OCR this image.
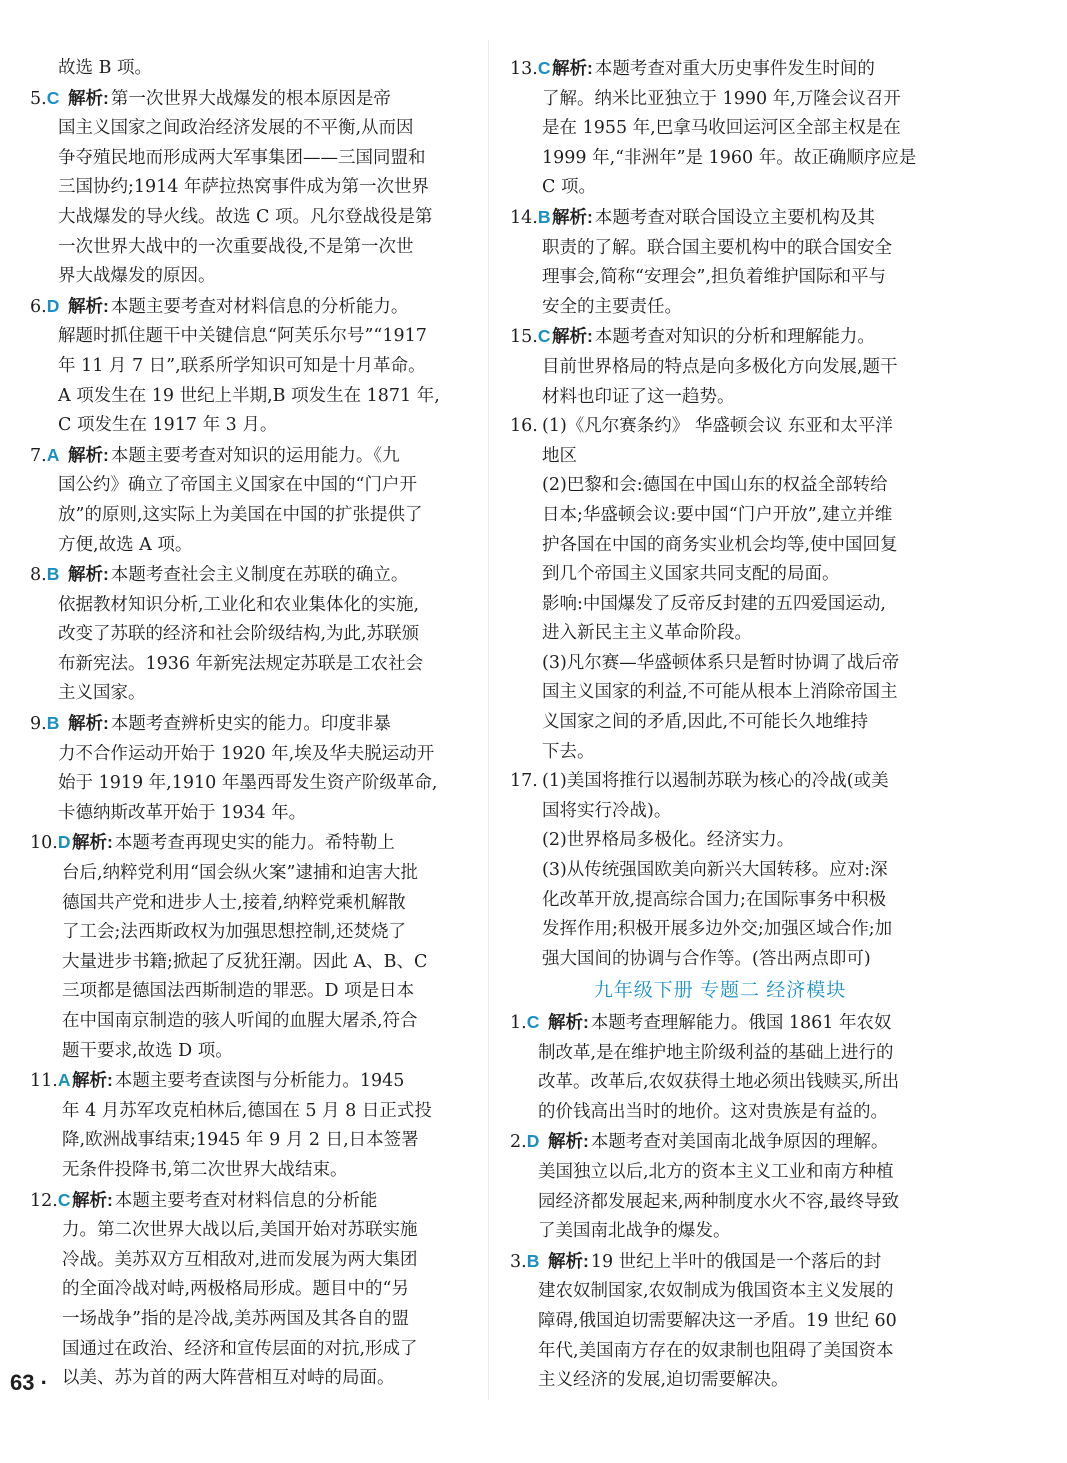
故选 B 项。
5.C 解析: 第一次世界大战爆发的根本原因是帝
国主义国家之间政治经济发展的不平衡,从而因
争夺殖民地而形成两大军事集团——三国同盟和
三国协约;1914 年萨拉热窝事件成为第一次世界
大战爆发的导火线。故选 C 项。凡尔登战役是第
一次世界大战中的一次重要战役,不是第一次世
界大战爆发的原因。
6.D 解析: 本题主要考查对材料信息的分析能力。
解题时抓住题干中关键信息“阿芙乐尔号”“1917
年 11 月 7 日”,联系所学知识可知是十月革命。
A 项发生在 19 世纪上半期,B 项发生在 1871 年,
C 项发生在 1917 年 3 月。
7.A 解析: 本题主要考查对知识的运用能力。《九
国公约》确立了帝国主义国家在中国的“门户开
放”的原则,这实际上为美国在中国的扩张提供了
方便,故选 A 项。
8.B 解析: 本题考查社会主义制度在苏联的确立。
依据教材知识分析,工业化和农业集体化的实施,
改变了苏联的经济和社会阶级结构,为此,苏联颁
布新宪法。1936 年新宪法规定苏联是工农社会
主义国家。
9.B 解析: 本题考查辨析史实的能力。印度非暴
力不合作运动开始于 1920 年,埃及华夫脱运动开
始于 1919 年,1910 年墨西哥发生资产阶级革命,
卡德纳斯改革开始于 1934 年。
10.D 解析: 本题考查再现史实的能力。希特勒上
台后,纳粹党利用“国会纵火案”逮捕和迫害大批
德国共产党和进步人士,接着,纳粹党乘机解散
了工会;法西斯政权为加强思想控制,还焚烧了
大量进步书籍;掀起了反犹狂潮。因此 A、B、C
三项都是德国法西斯制造的罪恶。D 项是日本
在中国南京制造的骇人听闻的血腥大屠杀,符合
题干要求,故选 D 项。
11.A 解析: 本题主要考查读图与分析能力。1945
年 4 月苏军攻克柏林后,德国在 5 月 8 日正式投
降,欧洲战事结束;1945 年 9 月 2 日,日本签署
无条件投降书,第二次世界大战结束。
12.C 解析: 本题主要考查对材料信息的分析能
力。第二次世界大战以后,美国开始对苏联实施
冷战。美苏双方互相敌对,进而发展为两大集团
的全面冷战对峙,两极格局形成。题目中的“另
一场战争”指的是冷战,美苏两国及其各自的盟
国通过在政治、经济和宣传层面的对抗,形成了
以美、苏为首的两大阵营相互对峙的局面。
13.C 解析: 本题考查对重大历史事件发生时间的
了解。纳米比亚独立于 1990 年,万隆会议召开
是在 1955 年,巴拿马收回运河区全部主权是在
1999 年,“非洲年”是 1960 年。故正确顺序应是
C 项。
14.B 解析: 本题考查对联合国设立主要机构及其
职责的了解。联合国主要机构中的联合国安全
理事会,简称“安理会”,担负着维护国际和平与
安全的主要责任。
15.C 解析: 本题考查对知识的分析和理解能力。
目前世界格局的特点是向多极化方向发展,题干
材料也印证了这一趋势。
16. (1)《凡尔赛条约》 华盛顿会议 东亚和太平洋
地区
(2)巴黎和会:德国在中国山东的权益全部转给
日本;华盛顿会议:要中国“门户开放”,建立并维
护各国在中国的商务实业机会均等,使中国回复
到几个帝国主义国家共同支配的局面。
影响:中国爆发了反帝反封建的五四爱国运动,
进入新民主主义革命阶段。
(3)凡尔赛—华盛顿体系只是暂时协调了战后帝
国主义国家的利益,不可能从根本上消除帝国主
义国家之间的矛盾,因此,不可能长久地维持
下去。
17. (1)美国将推行以遏制苏联为核心的冷战(或美
国将实行冷战)。
(2)世界格局多极化。经济实力。
(3)从传统强国欧美向新兴大国转移。应对:深
化改革开放,提高综合国力;在国际事务中积极
发挥作用;积极开展多边外交;加强区域合作;加
强大国间的协调与合作等。(答出两点即可)
九年级下册 专题二 经济模块
1.C 解析: 本题考查理解能力。俄国 1861 年农奴
制改革,是在维护地主阶级利益的基础上进行的
改革。改革后,农奴获得土地必须出钱赎买,所出
的价钱高出当时的地价。这对贵族是有益的。
2.D 解析: 本题考查对美国南北战争原因的理解。
美国独立以后,北方的资本主义工业和南方种植
园经济都发展起来,两种制度水火不容,最终导致
了美国南北战争的爆发。
3.B 解析: 19 世纪上半叶的俄国是一个落后的封
建农奴制国家,农奴制成为俄国资本主义发展的
障碍,俄国迫切需要解决这一矛盾。19 世纪 60
年代,美国南方存在的奴隶制也阻碍了美国资本
主义经济的发展,迫切需要解决。
63 ·
